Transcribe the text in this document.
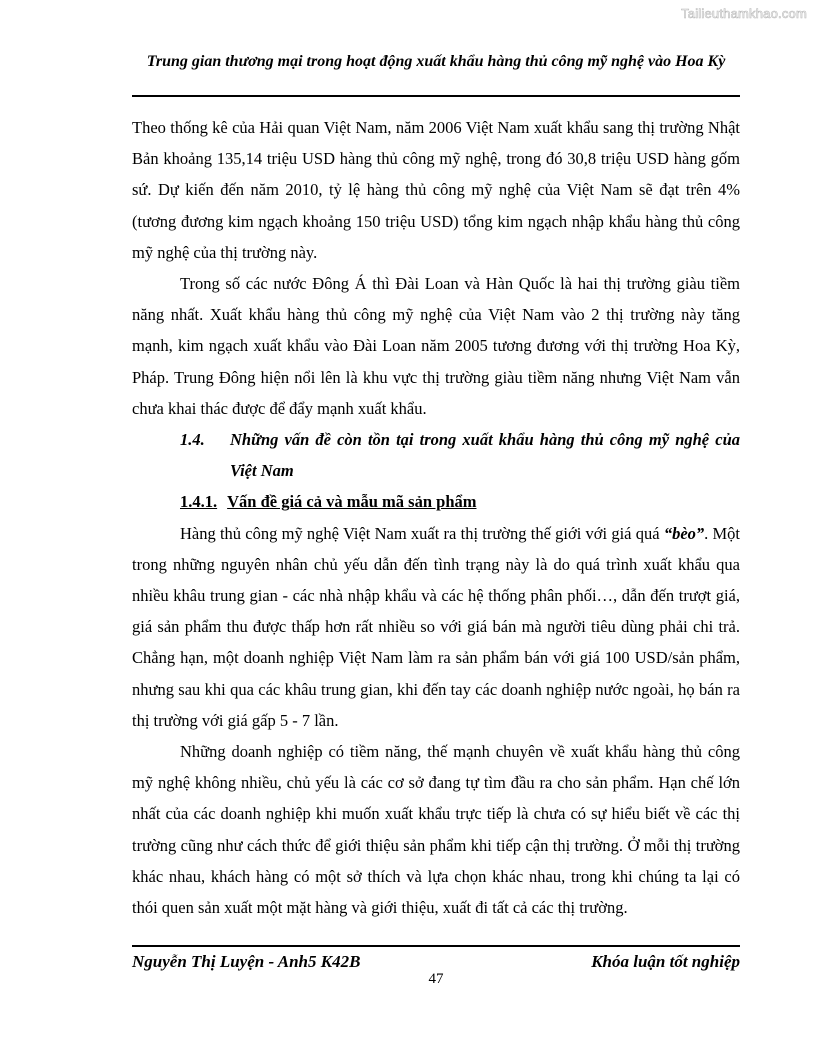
Tailieuthamkhao.com
Trung gian thương mại trong hoạt động xuất khẩu hàng thủ công mỹ nghệ vào Hoa Kỳ

Theo thống kê của Hải quan Việt Nam, năm 2006 Việt Nam xuất khẩu sang thị trường Nhật Bản khoảng 135,14 triệu USD hàng thủ công mỹ nghệ, trong đó 30,8 triệu USD hàng gốm sứ. Dự kiến đến năm 2010, tỷ lệ hàng thủ công mỹ nghệ của Việt Nam sẽ đạt trên 4% (tương đương kim ngạch khoảng 150 triệu USD) tổng kim ngạch nhập khẩu hàng thủ công mỹ nghệ của thị trường này.

Trong số các nước Đông Á thì Đài Loan và Hàn Quốc là hai thị trường giàu tiềm năng nhất. Xuất khẩu hàng thủ công mỹ nghệ của Việt Nam vào 2 thị trường này tăng mạnh, kim ngạch xuất khẩu vào Đài Loan năm 2005 tương đương với thị trường Hoa Kỳ, Pháp. Trung Đông hiện nổi lên là khu vực thị trường giàu tiềm năng nhưng Việt Nam vẫn chưa khai thác được để đẩy mạnh xuất khẩu.

1.4.	Những vấn đề còn tồn tại trong xuất khẩu hàng thủ công mỹ nghệ của Việt Nam
1.4.1. Vấn đề giá cả và mẫu mã sản phẩm

Hàng thủ công mỹ nghệ Việt Nam xuất ra thị trường thế giới với giá quá “bèo”. Một trong những nguyên nhân chủ yếu dẫn đến tình trạng này là do quá trình xuất khẩu qua nhiều khâu trung gian - các nhà nhập khẩu và các hệ thống phân phối…, dẫn đến trượt giá, giá sản phẩm thu được thấp hơn rất nhiều so với giá bán mà người tiêu dùng phải chi trả. Chẳng hạn, một doanh nghiệp Việt Nam làm ra sản phẩm bán với giá 100 USD/sản phẩm, nhưng sau khi qua các khâu trung gian, khi đến tay các doanh nghiệp nước ngoài, họ bán ra thị trường với giá gấp 5 - 7 lần.

Những doanh nghiệp có tiềm năng, thế mạnh chuyên về xuất khẩu hàng thủ công mỹ nghệ không nhiều, chủ yếu là các cơ sở đang tự tìm đầu ra cho sản phẩm. Hạn chế lớn nhất của các doanh nghiệp khi muốn xuất khẩu trực tiếp là chưa có sự hiểu biết về các thị trường cũng như cách thức để giới thiệu sản phẩm khi tiếp cận thị trường. Ở mỗi thị trường khác nhau, khách hàng có một sở thích và lựa chọn khác nhau, trong khi chúng ta lại có thói quen sản xuất một mặt hàng và giới thiệu, xuất đi tất cả các thị trường.

Nguyễn Thị Luyện - Anh5 K42B	Khóa luận tốt nghiệp
47
